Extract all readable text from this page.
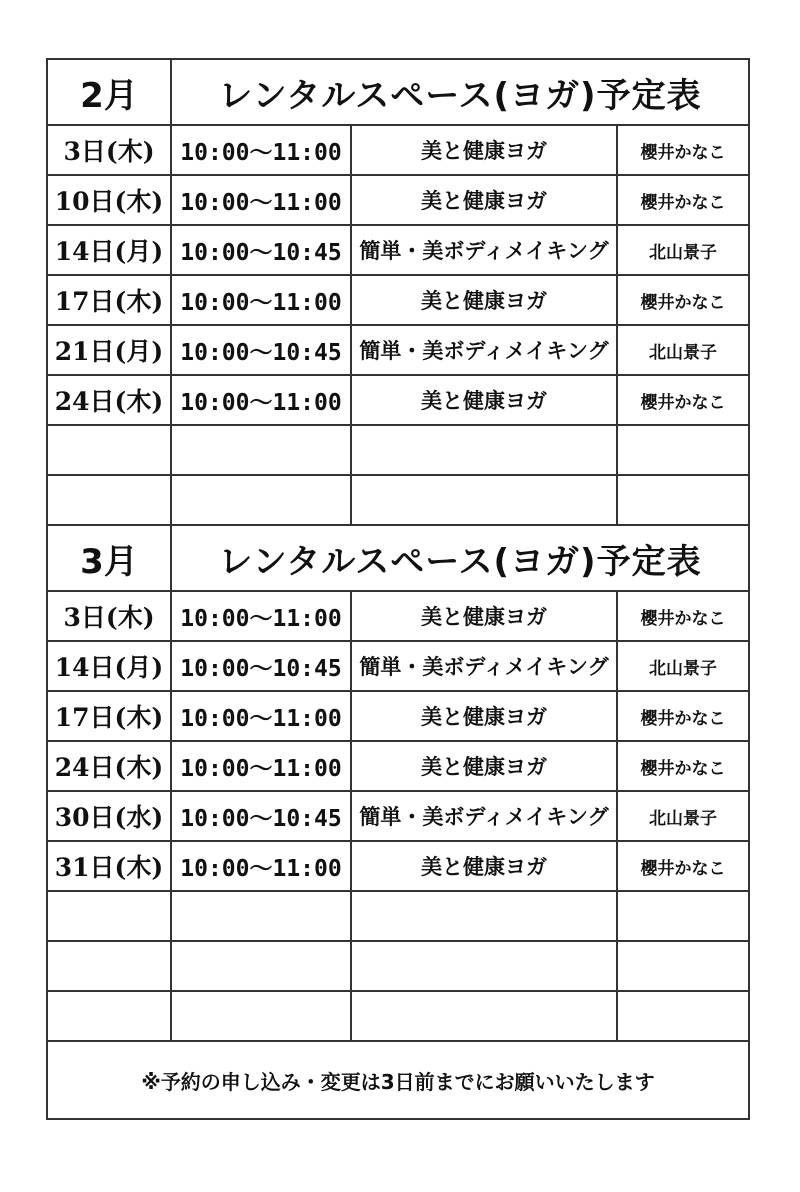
2月	レンタルスペース(ヨガ)予定表		
3日(木)	10:00～11:00	美と健康ヨガ	櫻井かなこ
10日(木)	10:00～11:00	美と健康ヨガ	櫻井かなこ
14日(月)	10:00～10:45	簡単・美ボディメイキング	北山景子
17日(木)	10:00～11:00	美と健康ヨガ	櫻井かなこ
21日(月)	10:00～10:45	簡単・美ボディメイキング	北山景子
24日(木)	10:00～11:00	美と健康ヨガ	櫻井かなこ

3月	レンタルスペース(ヨガ)予定表		
3日(木)	10:00～11:00	美と健康ヨガ	櫻井かなこ
14日(月)	10:00～10:45	簡単・美ボディメイキング	北山景子
17日(木)	10:00～11:00	美と健康ヨガ	櫻井かなこ
24日(木)	10:00～11:00	美と健康ヨガ	櫻井かなこ
30日(水)	10:00～10:45	簡単・美ボディメイキング	北山景子
31日(木)	10:00～11:00	美と健康ヨガ	櫻井かなこ

※予約の申し込み・変更は3日前までにお願いいたします			
